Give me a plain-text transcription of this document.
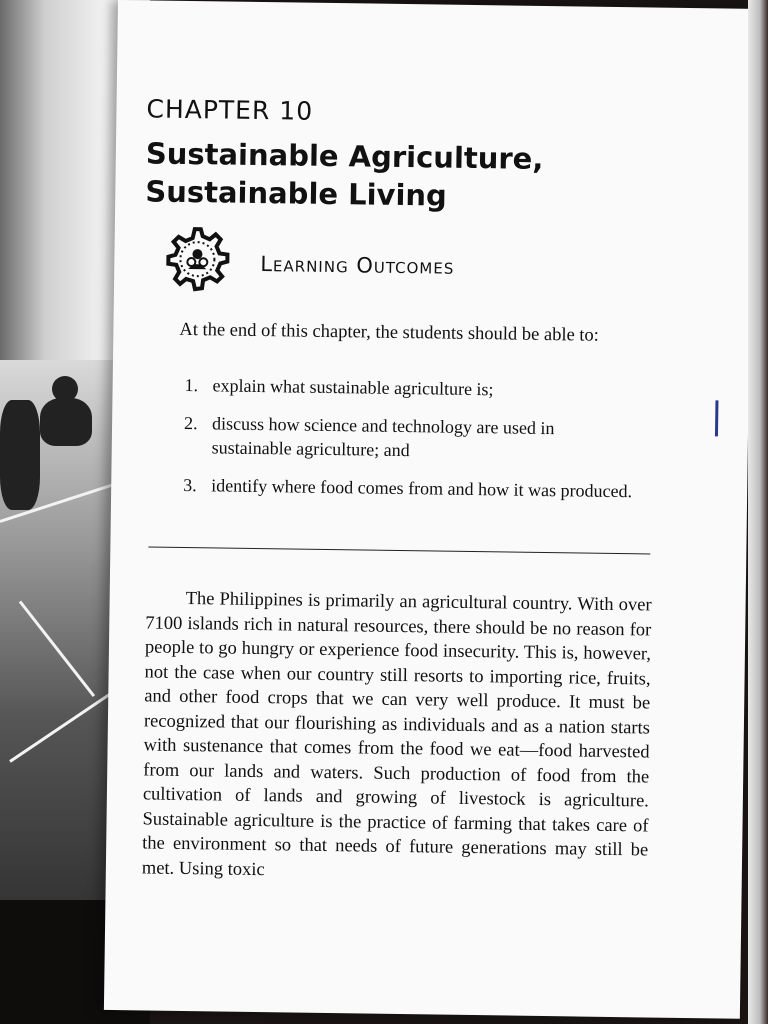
CHAPTER 10
Sustainable Agriculture, Sustainable Living
Learning Outcomes
At the end of this chapter, the students should be able to:
1. explain what sustainable agriculture is;
2. discuss how science and technology are used in sustainable agriculture; and
3. identify where food comes from and how it was produced.
The Philippines is primarily an agricultural country. With over 7100 islands rich in natural resources, there should be no reason for people to go hungry or experience food insecurity. This is, however, not the case when our country still resorts to importing rice, fruits, and other food crops that we can very well produce. It must be recognized that our flourishing as individuals and as a nation starts with sustenance that comes from the food we eat—food harvested from our lands and waters. Such production of food from the cultivation of lands and growing of livestock is agriculture. Sustainable agriculture is the practice of farming that takes care of the environment so that needs of future generations may still be met. Using toxic
